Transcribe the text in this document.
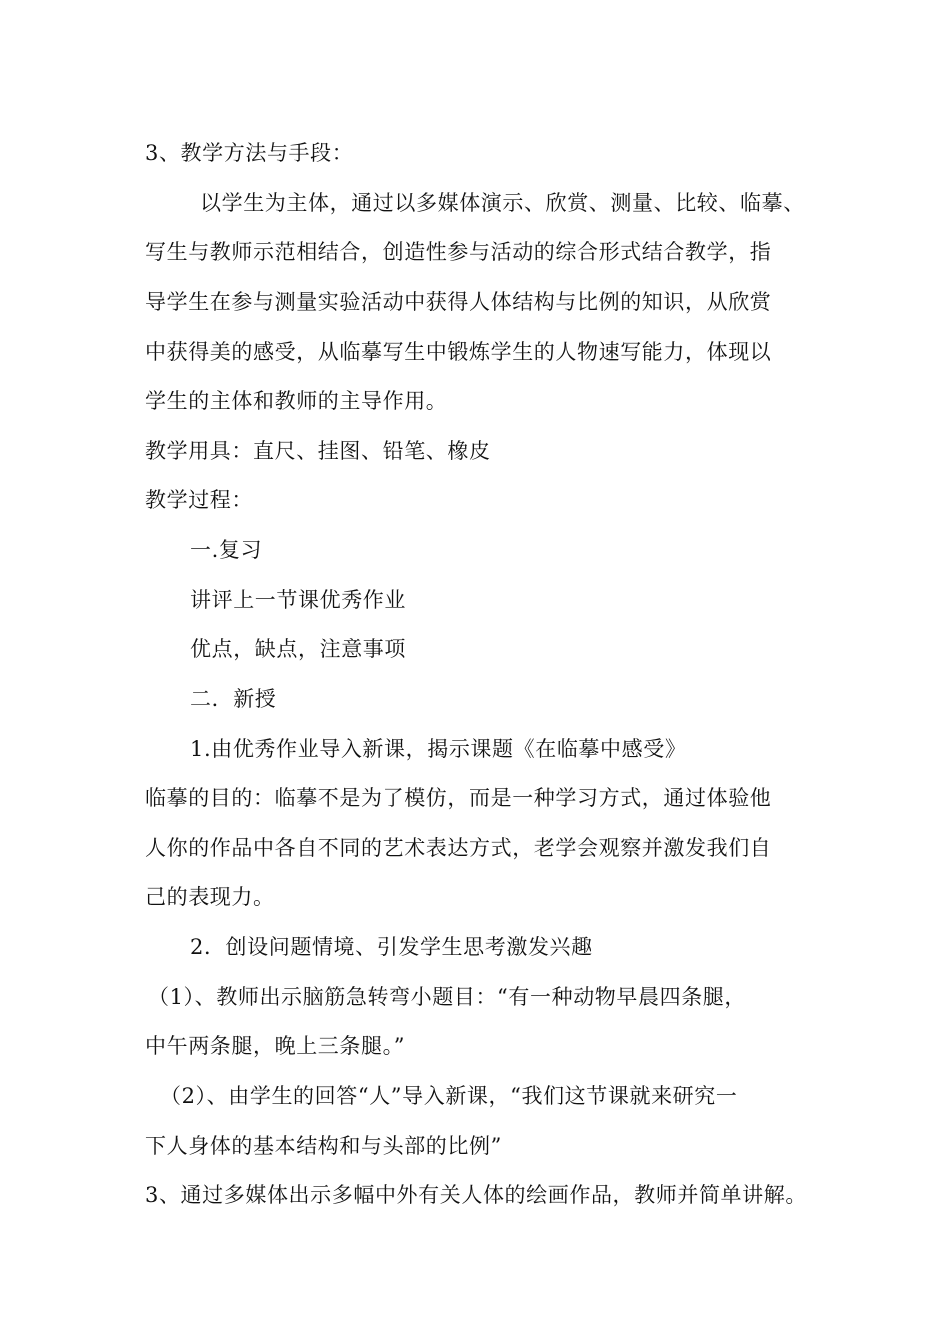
3、教学方法与手段：
以学生为主体，通过以多媒体演示、欣赏、测量、比较、临摹、
写生与教师示范相结合，创造性参与活动的综合形式结合教学，指
导学生在参与测量实验活动中获得人体结构与比例的知识，从欣赏
中获得美的感受，从临摹写生中锻炼学生的人物速写能力，体现以
学生的主体和教师的主导作用。
教学用具：直尺、挂图、铅笔、橡皮
教学过程：
一.复习
讲评上一节课优秀作业
优点，缺点，注意事项
二．新授
1.由优秀作业导入新课，揭示课题《在临摹中感受》
临摹的目的：临摹不是为了模仿，而是一种学习方式，通过体验他
人你的作品中各自不同的艺术表达方式，老学会观察并激发我们自
己的表现力。
2．创设问题情境、引发学生思考激发兴趣
（1）、教师出示脑筋急转弯小题目：“有一种动物早晨四条腿，
中午两条腿，晚上三条腿。”
（2）、由学生的回答“人”导入新课，“我们这节课就来研究一
下人身体的基本结构和与头部的比例”
3、通过多媒体出示多幅中外有关人体的绘画作品，教师并简单讲解。
